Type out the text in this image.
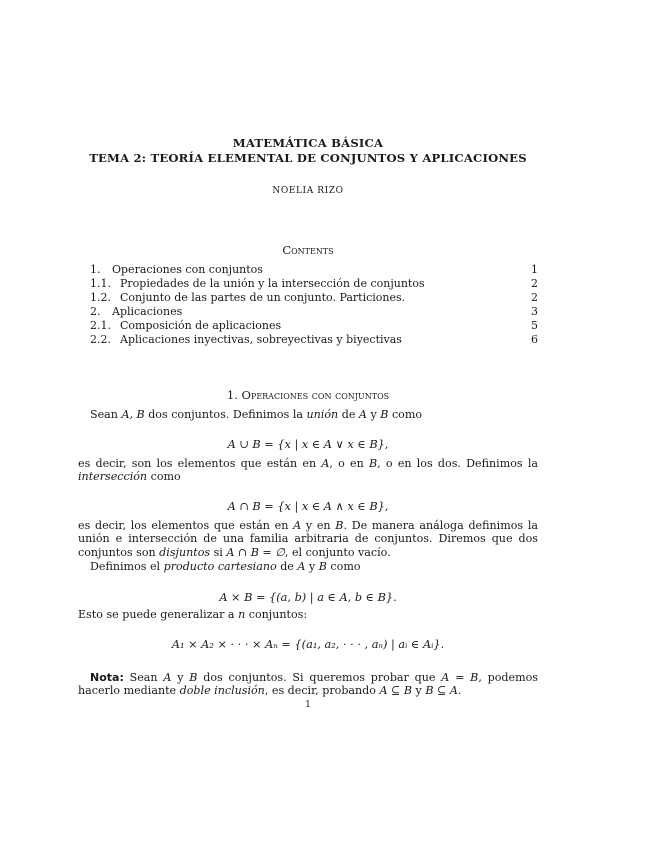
MATEMÁTICA BÁSICA
TEMA 2: TEORÍA ELEMENTAL DE CONJUNTOS Y APLICACIONES
NOELIA RIZO
Contents
1. Operaciones con conjuntos	1
1.1. Propiedades de la unión y la intersección de conjuntos	2
1.2. Conjunto de las partes de un conjunto. Particiones.	2
2. Aplicaciones	3
2.1. Composición de aplicaciones	5
2.2. Aplicaciones inyectivas, sobreyectivas y biyectivas	6
1. Operaciones con conjuntos
Sean A, B dos conjuntos. Definimos la unión de A y B como
A ∪ B = {x | x ∈ A ∨ x ∈ B},
es decir, son los elementos que están en A, o en B, o en los dos. Definimos la intersección como
A ∩ B = {x | x ∈ A ∧ x ∈ B},
es decir, los elementos que están en A y en B. De manera análoga definimos la unión e intersección de una familia arbitraria de conjuntos. Diremos que dos conjuntos son disjuntos si A ∩ B = ∅, el conjunto vacío.
Definimos el producto cartesiano de A y B como
A × B = {(a, b) | a ∈ A, b ∈ B}.
Esto se puede generalizar a n conjuntos:
A₁ × A₂ × · · · × Aₙ = {(a₁, a₂, · · · , aₙ) | aᵢ ∈ Aᵢ}.
Nota: Sean A y B dos conjuntos. Si queremos probar que A = B, podemos hacerlo mediante doble inclusión, es decir, probando A ⊆ B y B ⊆ A.
1
